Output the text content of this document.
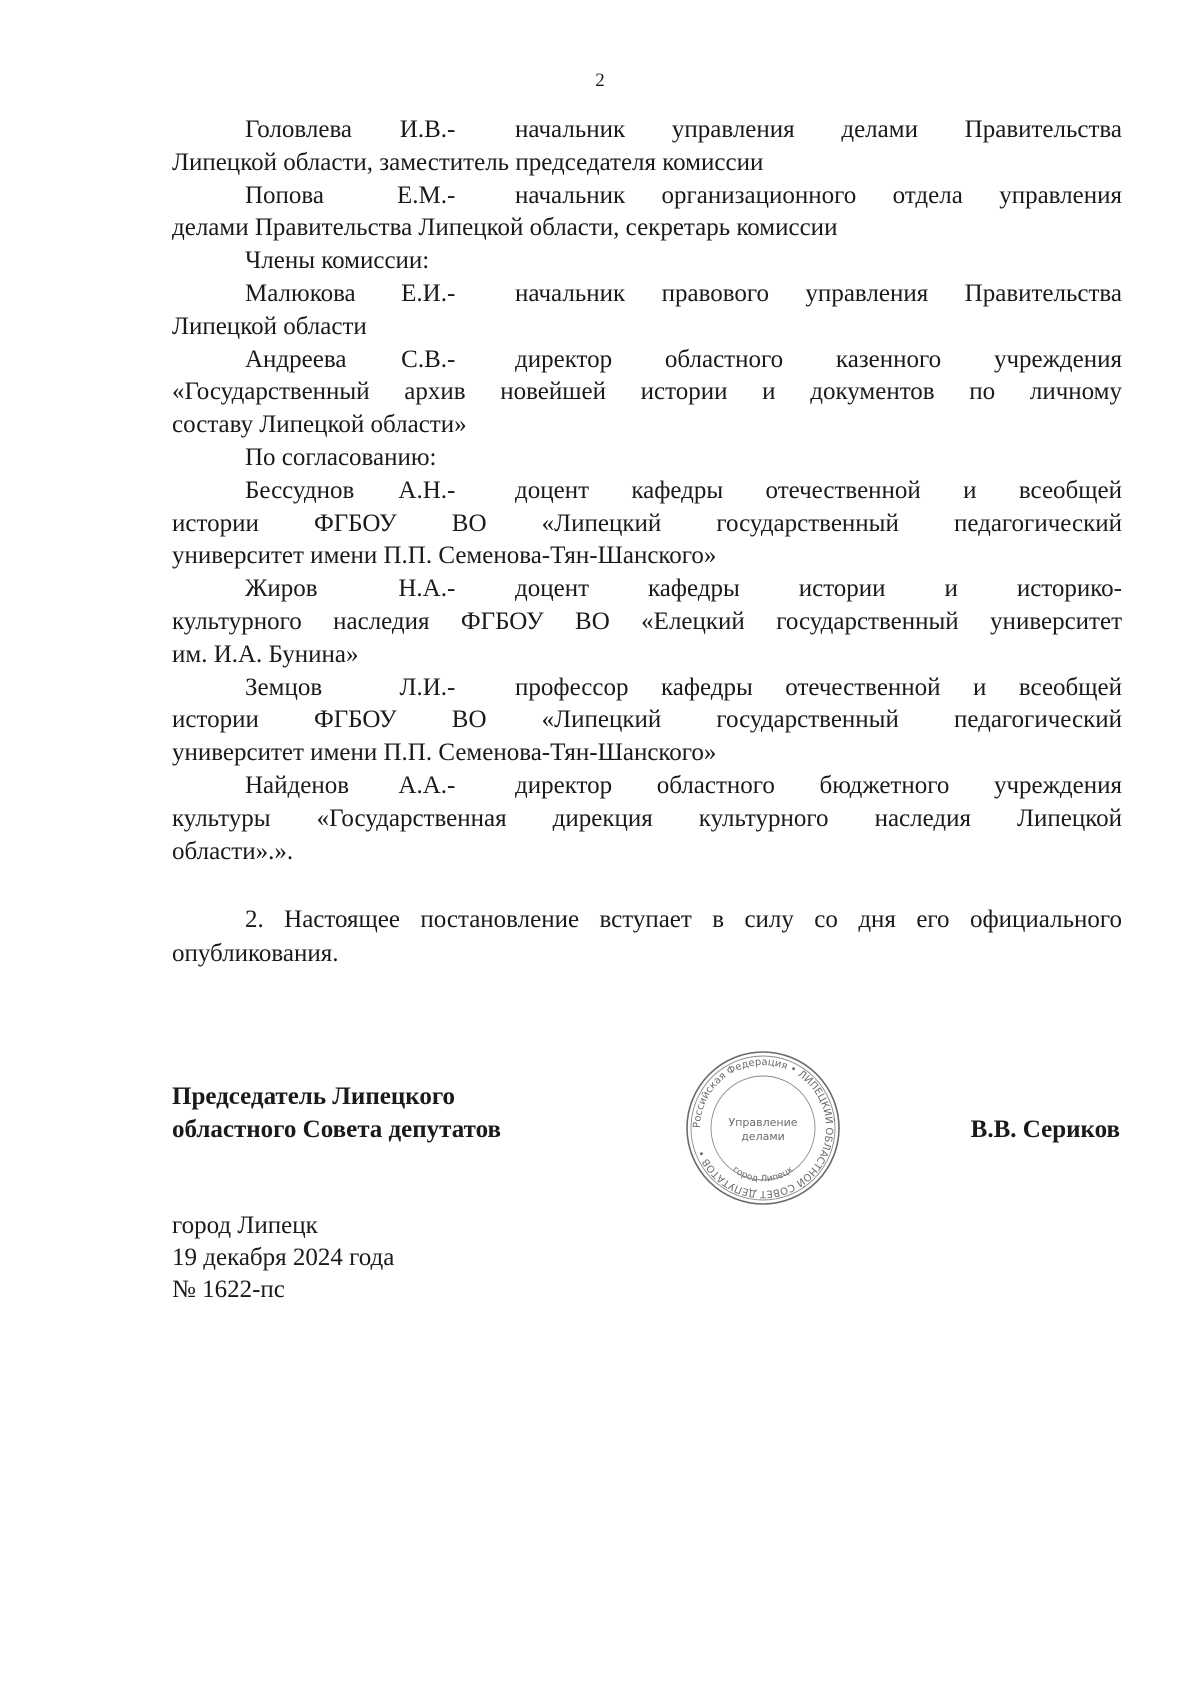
2
Головлева И.В.- начальник управления делами Правительства
Липецкой области, заместитель председателя комиссии
Попова Е.М.- начальник организационного отдела управления
делами Правительства Липецкой области, секретарь комиссии
Члены комиссии:
Малюкова Е.И.- начальник правового управления Правительства
Липецкой области
Андреева С.В.- директор областного казенного учреждения
«Государственный архив новейшей истории и документов по личному
составу Липецкой области»
По согласованию:
Бессуднов А.Н.- доцент кафедры отечественной и всеобщей
истории ФГБОУ ВО «Липецкий государственный педагогический
университет имени П.П. Семенова-Тян-Шанского»
Жиров Н.А.- доцент кафедры истории и историко-
культурного наследия ФГБОУ ВО «Елецкий государственный университет
им. И.А. Бунина»
Земцов Л.И.- профессор кафедры отечественной и всеобщей
истории ФГБОУ ВО «Липецкий государственный педагогический
университет имени П.П. Семенова-Тян-Шанского»
Найденов А.А.- директор областного бюджетного учреждения
культуры «Государственная дирекция культурного наследия Липецкой
области».».
2. Настоящее постановление вступает в силу со дня его официального
опубликования.
Председатель Липецкого
областного Совета депутатов	Российская Федерация • ЛИПЕЦКИЙ ОБЛАСТНОЙ СОВЕТ ДЕПУТАТОВ •
Управление
делами
город Липецк
В.В. Сериков
город Липецк
19 декабря 2024 года
№ 1622-пс
